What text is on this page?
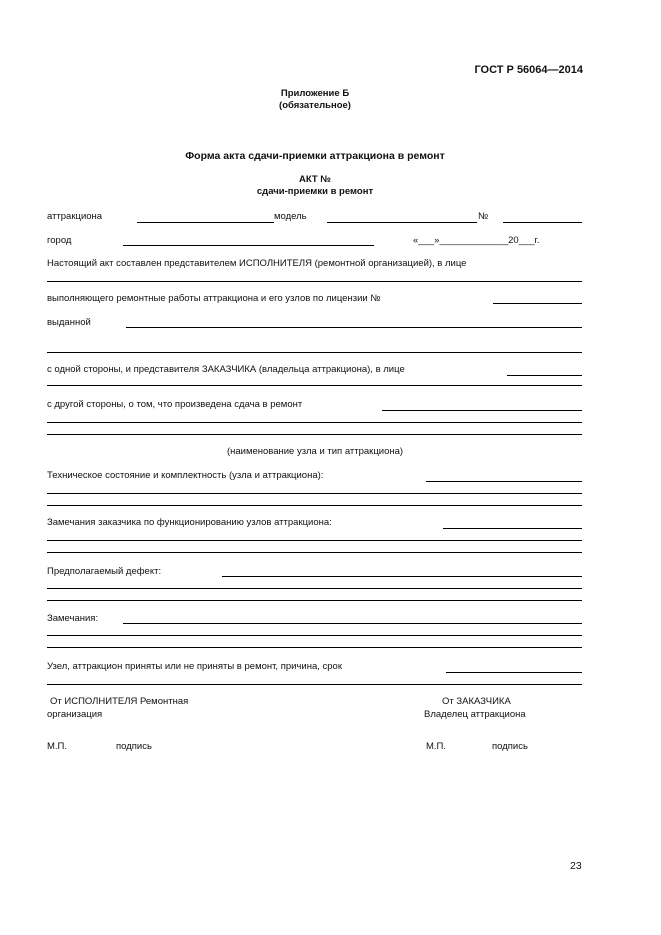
ГОСТ Р 56064—2014
Приложение Б
(обязательное)
Форма акта сдачи-приемки аттракциона в ремонт
АКТ №
сдачи-приемки в ремонт
аттракциона	модель	№
город	«___»_____________20___г.
Настоящий акт составлен представителем ИСПОЛНИТЕЛЯ (ремонтной организацией), в лице
выполняющего ремонтные работы аттракциона и его узлов по лицензии №
выданной
с одной стороны, и представителя ЗАКАЗЧИКА (владельца аттракциона), в лице
с другой стороны, о том, что произведена сдача в ремонт
(наименование узла и тип аттракциона)
Техническое состояние и комплектность (узла и аттракциона):
Замечания заказчика по функционированию узлов аттракциона:
Предполагаемый дефект:
Замечания:
Узел, аттракцион приняты или не приняты в ремонт, причина, срок
От ИСПОЛНИТЕЛЯ Ремонтная
организация
От ЗАКАЗЧИКА
Владелец аттракциона
М.П.	подпись	М.П.	подпись
23
